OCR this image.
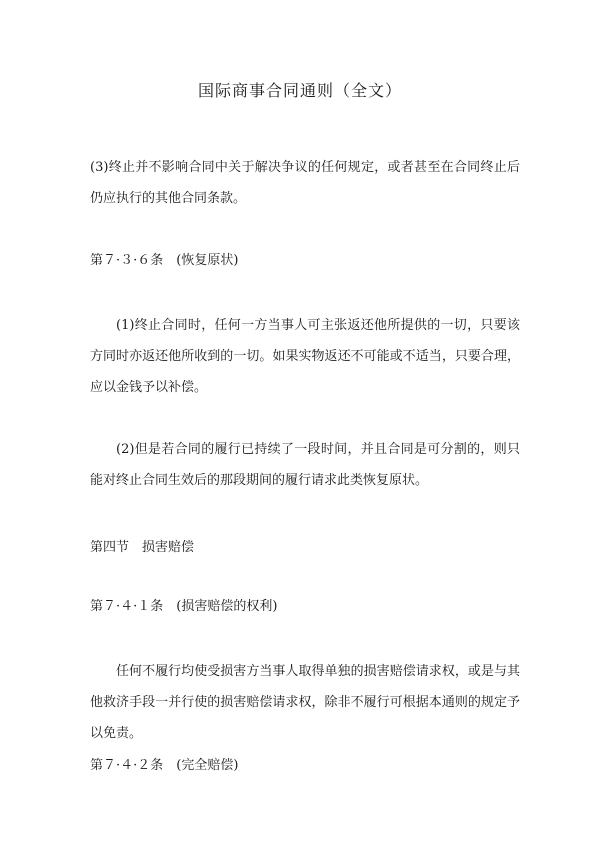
国际商事合同通则（全文）

(3)终止并不影响合同中关于解决争议的任何规定，或者甚至在合同终止后仍应执行的其他合同条款。

第７·３·６条　(恢复原状)

(1)终止合同时，任何一方当事人可主张返还他所提供的一切，只要该方同时亦返还他所收到的一切。如果实物返还不可能或不适当，只要合理，应以金钱予以补偿。

(2)但是若合同的履行已持续了一段时间，并且合同是可分割的，则只能对终止合同生效后的那段期间的履行请求此类恢复原状。

第四节　损害赔偿
第７·４·１条　(损害赔偿的权利)

任何不履行均使受损害方当事人取得单独的损害赔偿请求权，或是与其他救济手段一并行使的损害赔偿请求权，除非不履行可根据本通则的规定予以免责。

第７·４·２条　(完全赔偿)
